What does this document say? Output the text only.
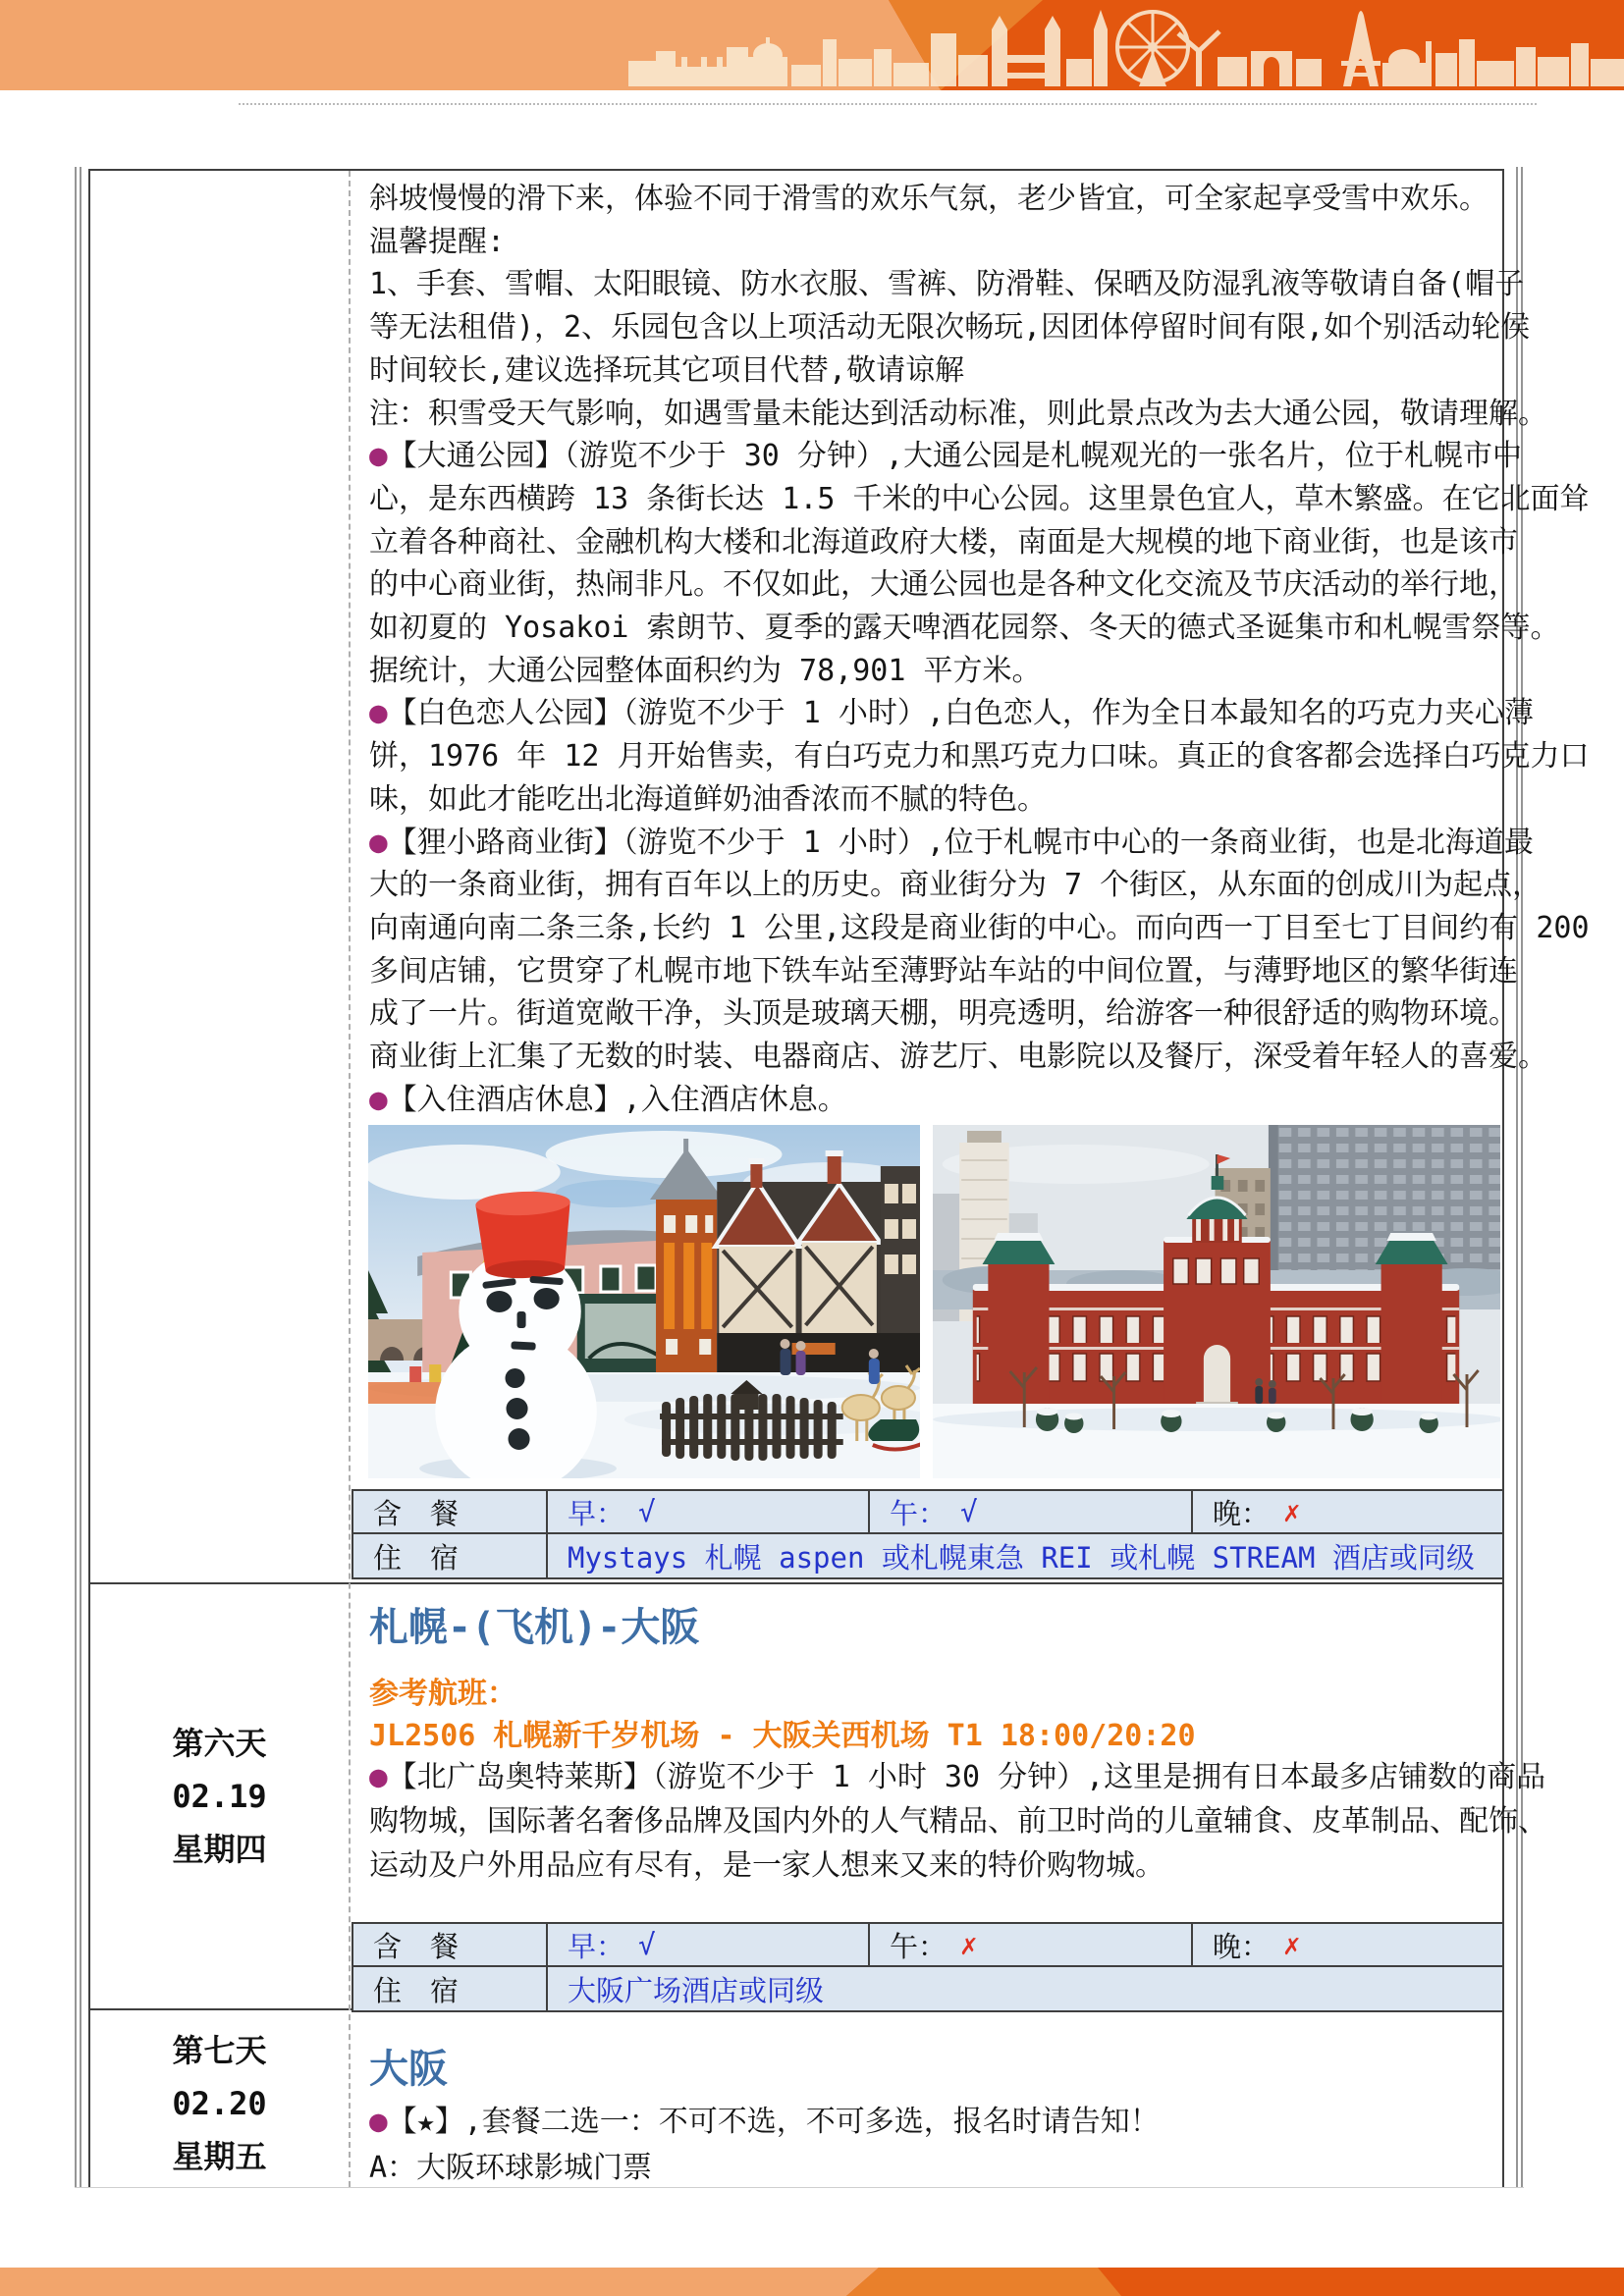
斜坡慢慢的滑下来，体验不同于滑雪的欢乐气氛，老少皆宜，可全家起享受雪中欢乐。
温馨提醒:
1、手套、雪帽、太阳眼镜、防水衣服、雪裤、防滑鞋、保晒及防湿乳液等敬请自备(帽子
等无法租借)，2、乐园包含以上项活动无限次畅玩,因团体停留时间有限,如个别活动轮侯
时间较长,建议选择玩其它项目代替,敬请谅解
注：积雪受天气影响，如遇雪量未能达到活动标准，则此景点改为去大通公园，敬请理解。
●【大通公园】（游览不少于 30 分钟）,大通公园是札幌观光的一张名片，位于札幌市中
心，是东西横跨 13 条街长达 1.5 千米的中心公园。这里景色宜人，草木繁盛。在它北面耸
立着各种商社、金融机构大楼和北海道政府大楼，南面是大规模的地下商业街，也是该市
的中心商业街，热闹非凡。不仅如此，大通公园也是各种文化交流及节庆活动的举行地，
如初夏的 Yosakoi 索朗节、夏季的露天啤酒花园祭、冬天的德式圣诞集市和札幌雪祭等。
据统计，大通公园整体面积约为 78,901 平方米。
●【白色恋人公园】（游览不少于 1 小时）,白色恋人，作为全日本最知名的巧克力夹心薄
饼，1976 年 12 月开始售卖，有白巧克力和黑巧克力口味。真正的食客都会选择白巧克力口
味，如此才能吃出北海道鲜奶油香浓而不腻的特色。
●【狸小路商业街】（游览不少于 1 小时）,位于札幌市中心的一条商业街，也是北海道最
大的一条商业街，拥有百年以上的历史。商业街分为 7 个街区，从东面的创成川为起点，
向南通向南二条三条,长约 1 公里,这段是商业街的中心。而向西一丁目至七丁目间约有 200
多间店铺，它贯穿了札幌市地下铁车站至薄野站车站的中间位置，与薄野地区的繁华街连
成了一片。街道宽敞干净，头顶是玻璃天棚，明亮透明，给游客一种很舒适的购物环境。
商业街上汇集了无数的时装、电器商店、游艺厅、电影院以及餐厅，深受着年轻人的喜爱。
●【入住酒店休息】,入住酒店休息。
含　餐	早： √	午： √	晚： ✗
住　宿	Mystays 札幌 aspen 或札幌東急 REI 或札幌 STREAM 酒店或同级
第六天
02.19
星期四
札幌-(飞机)-大阪
参考航班：
JL2506 札幌新千岁机场 - 大阪关西机场 T1 18:00/20:20
●【北广岛奥特莱斯】（游览不少于 1 小时 30 分钟）,这里是拥有日本最多店铺数的商品
购物城，国际著名奢侈品牌及国内外的人气精品、前卫时尚的儿童辅食、皮革制品、配饰、
运动及户外用品应有尽有，是一家人想来又来的特价购物城。
含　餐	早： √	午： ✗	晚： ✗
住　宿	大阪广场酒店或同级
第七天
02.20
星期五
大阪
●【★】,套餐二选一：不可不选，不可多选，报名时请告知！
A：大阪环球影城门票
